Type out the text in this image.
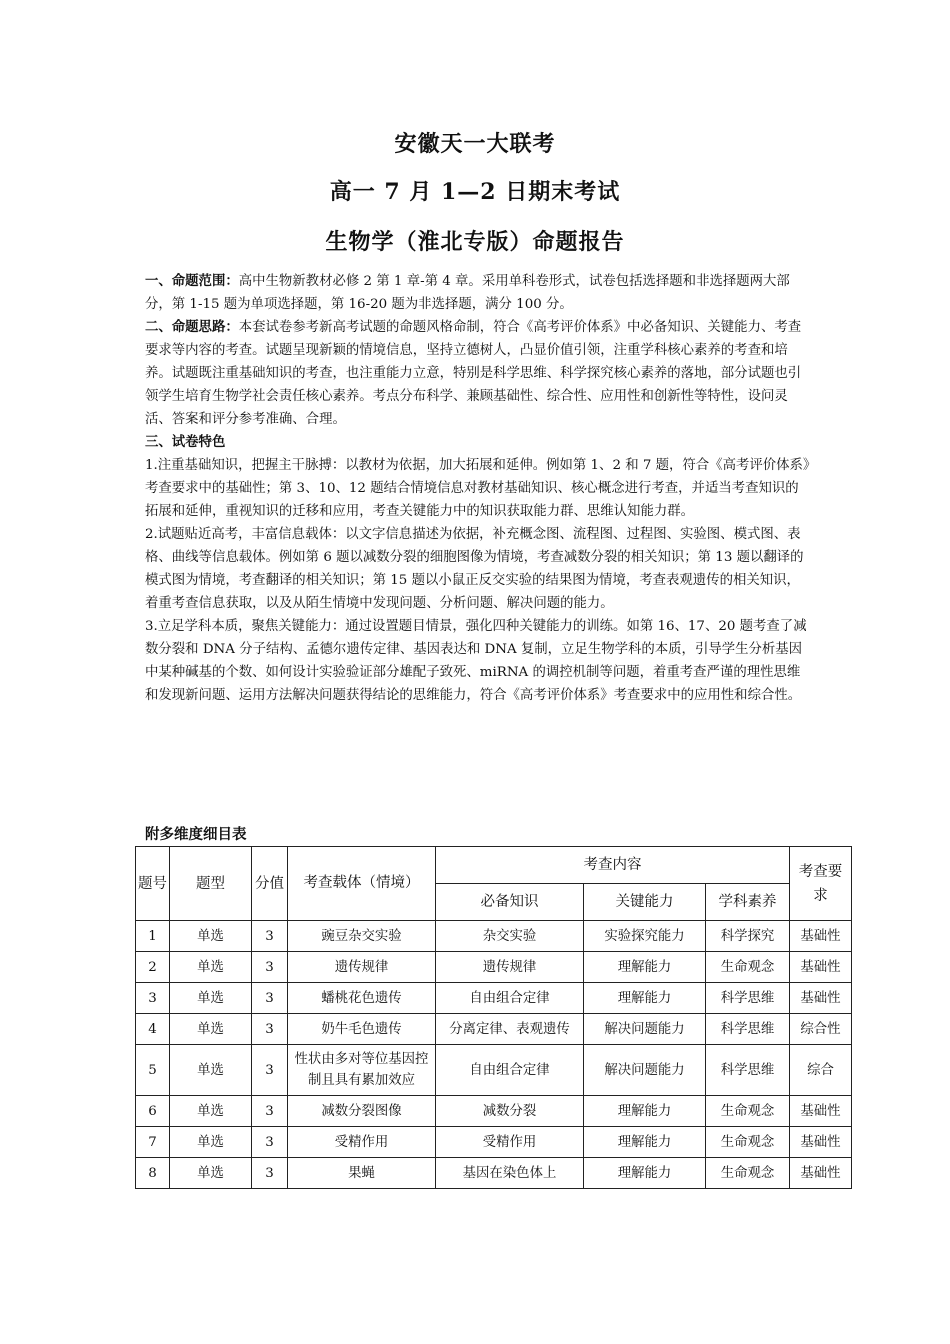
安徽天一大联考
高一 7 月 1—2 日期末考试
生物学（淮北专版）命题报告

一、命题范围：高中生物新教材必修 2 第 1 章-第 4 章。采用单科卷形式，试卷包括选择题和非选择题两大部分，第 1-15 题为单项选择题，第 16-20 题为非选择题，满分 100 分。

二、命题思路：本套试卷参考新高考试题的命题风格命制，符合《高考评价体系》中必备知识、关键能力、考查要求等内容的考查。试题呈现新颖的情境信息，坚持立德树人，凸显价值引领，注重学科核心素养的考查和培养。试题既注重基础知识的考查，也注重能力立意，特别是科学思维、科学探究核心素养的落地，部分试题也引领学生培育生物学社会责任核心素养。考点分布科学、兼顾基础性、综合性、应用性和创新性等特性，设问灵活、答案和评分参考准确、合理。

三、试卷特色

1.注重基础知识，把握主干脉搏：以教材为依据，加大拓展和延伸。例如第 1、2 和 7 题，符合《高考评价体系》考查要求中的基础性；第 3、10、12 题结合情境信息对教材基础知识、核心概念进行考查，并适当考查知识的拓展和延伸，重视知识的迁移和应用，考查关键能力中的知识获取能力群、思维认知能力群。

2.试题贴近高考，丰富信息载体：以文字信息描述为依据，补充概念图、流程图、过程图、实验图、模式图、表格、曲线等信息载体。例如第 6 题以减数分裂的细胞图像为情境，考查减数分裂的相关知识；第 13 题以翻译的模式图为情境，考查翻译的相关知识；第 15 题以小鼠正反交实验的结果图为情境，考查表观遗传的相关知识，着重考查信息获取，以及从陌生情境中发现问题、分析问题、解决问题的能力。

3.立足学科本质，聚焦关键能力：通过设置题目情景，强化四种关键能力的训练。如第 16、17、20 题考查了减数分裂和 DNA 分子结构、孟德尔遗传定律、基因表达和 DNA 复制，立足生物学科的本质，引导学生分析基因中某种碱基的个数、如何设计实验验证部分雄配子致死、miRNA 的调控机制等问题，着重考查严谨的理性思维和发现新问题、运用方法解决问题获得结论的思维能力，符合《高考评价体系》考查要求中的应用性和综合性。

附多维度细目表
题号	题型	分值	考查载体（情境）	考查内容			考查要求
				必备知识	关键能力	学科素养	
1	单选	3	豌豆杂交实验	杂交实验	实验探究能力	科学探究	基础性
2	单选	3	遗传规律	遗传规律	理解能力	生命观念	基础性
3	单选	3	蟠桃花色遗传	自由组合定律	理解能力	科学思维	基础性
4	单选	3	奶牛毛色遗传	分离定律、表观遗传	解决问题能力	科学思维	综合性
5	单选	3	性状由多对等位基因控制且具有累加效应	自由组合定律	解决问题能力	科学思维	综合
6	单选	3	减数分裂图像	减数分裂	理解能力	生命观念	基础性
7	单选	3	受精作用	受精作用	理解能力	生命观念	基础性
8	单选	3	果蝇	基因在染色体上	理解能力	生命观念	基础性
